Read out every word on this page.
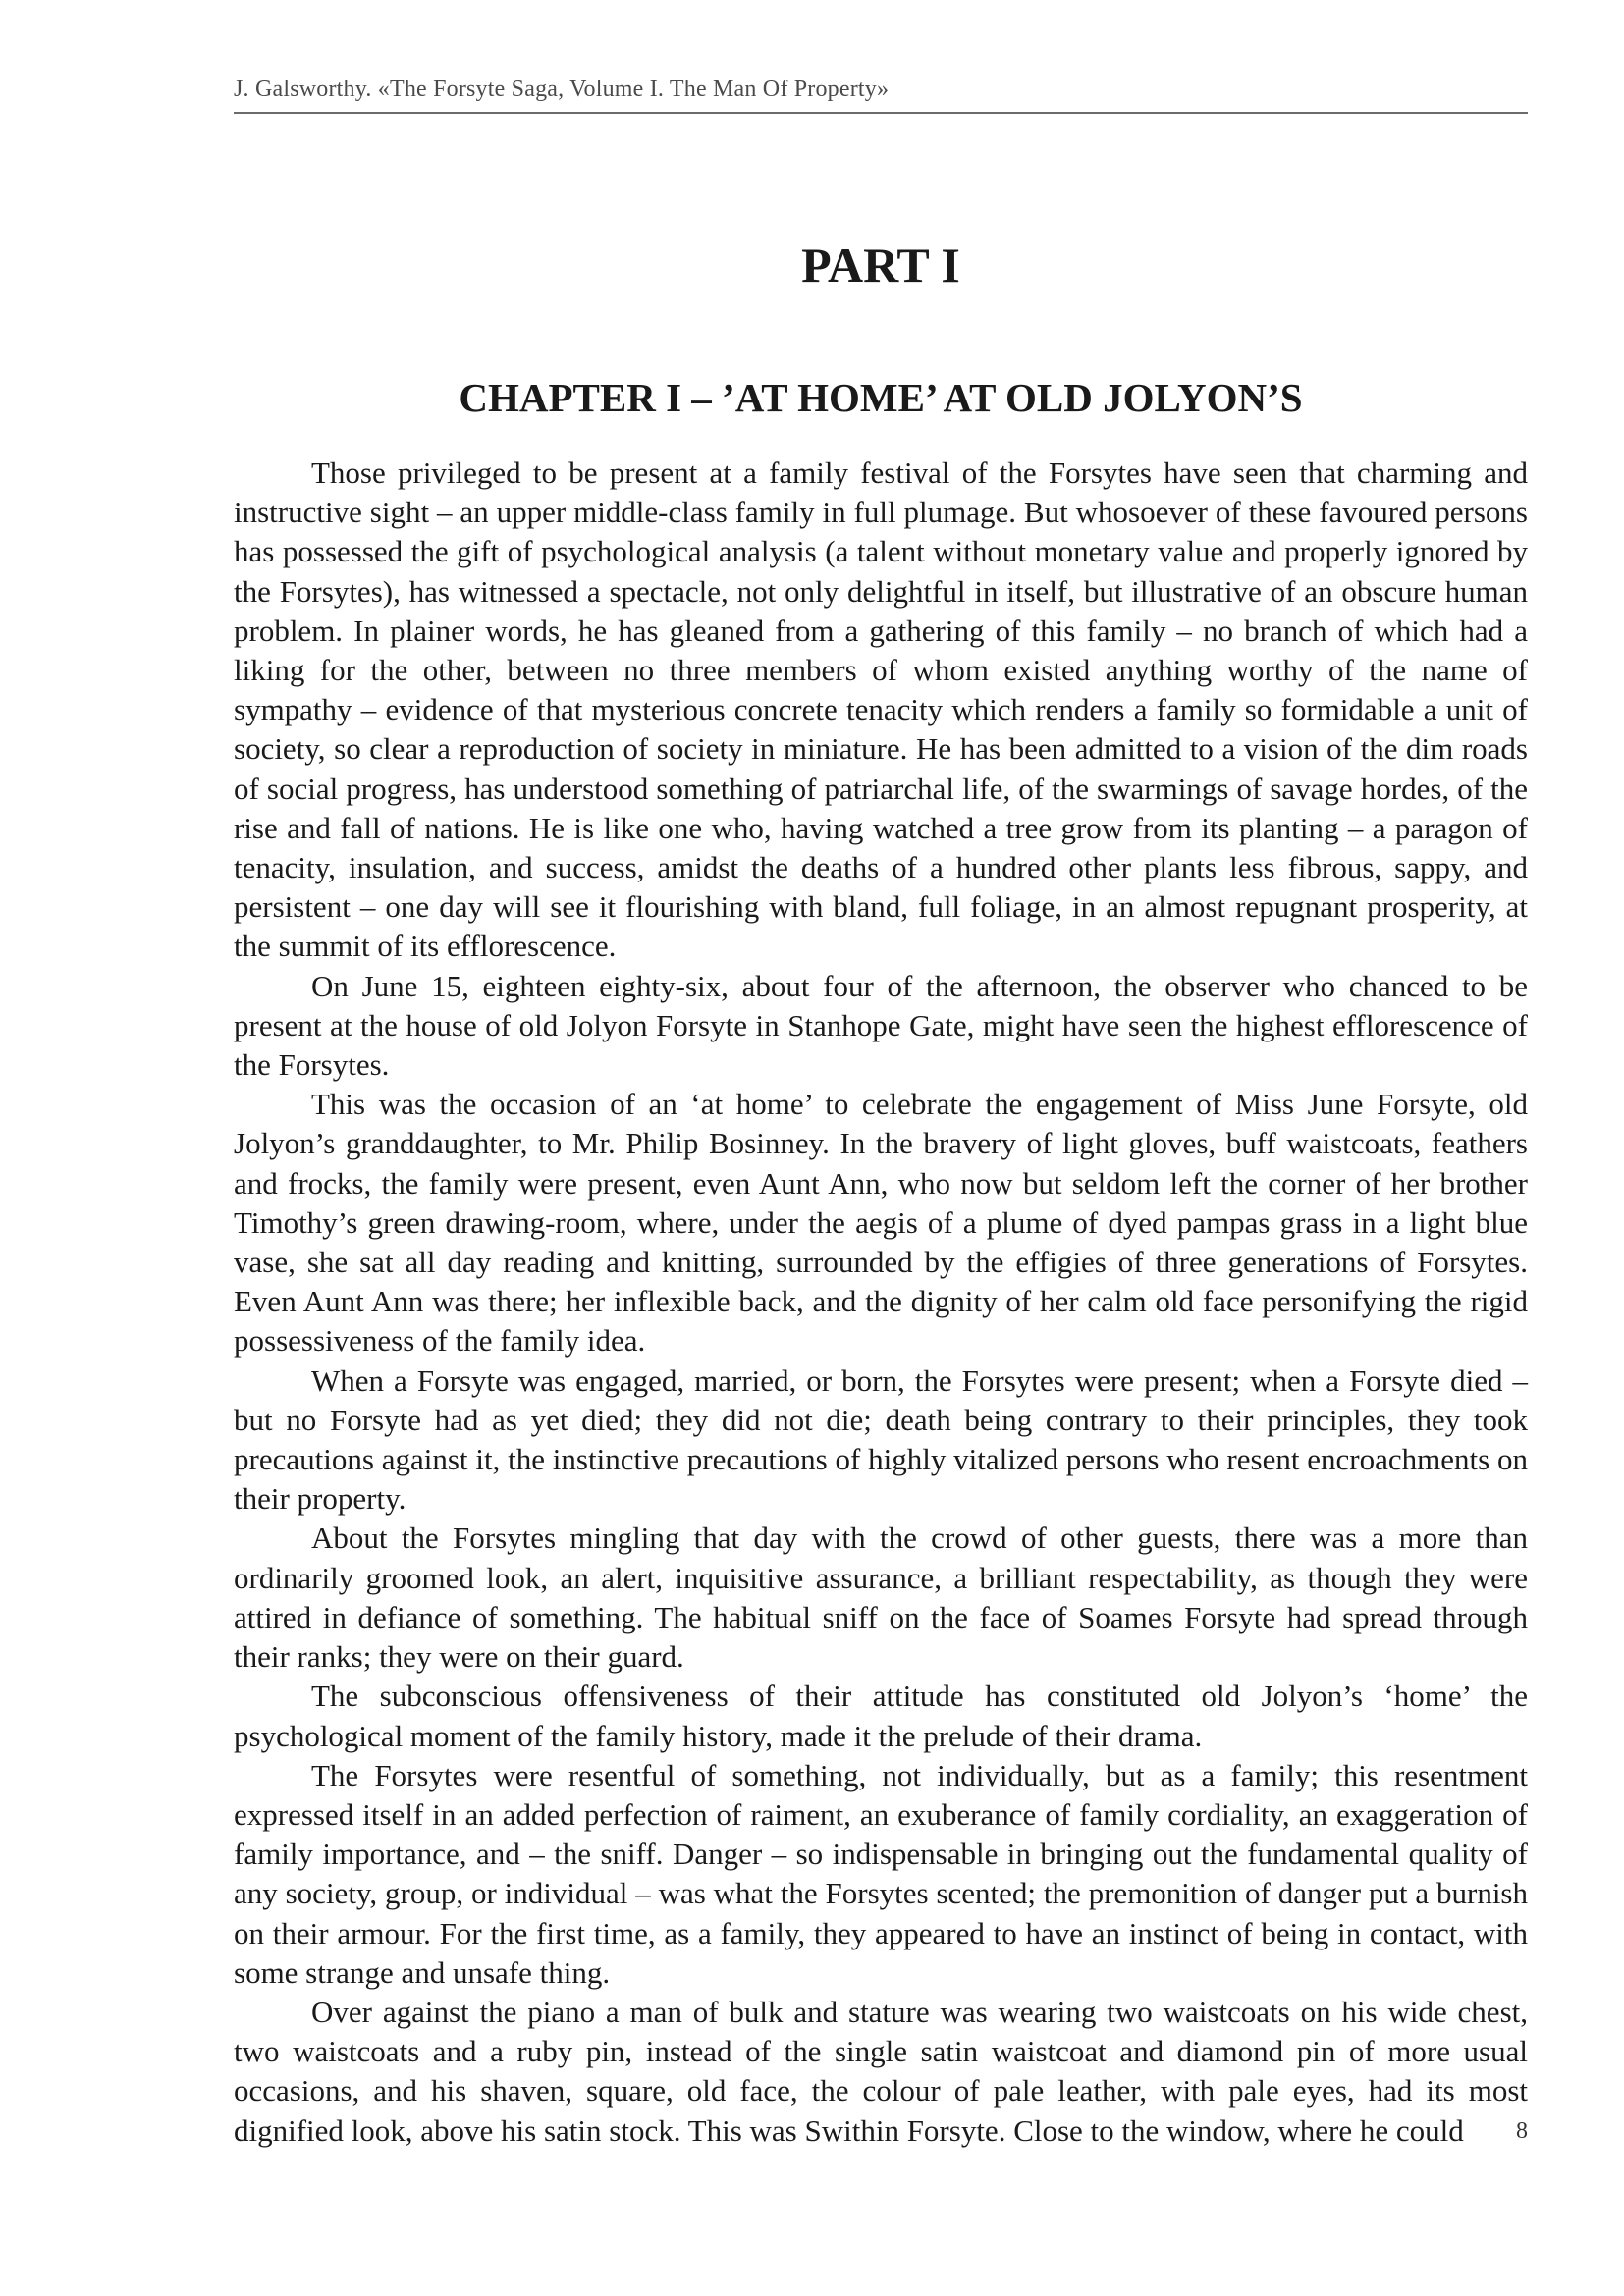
J. Galsworthy. «The Forsyte Saga, Volume I. The Man Of Property»
PART I
CHAPTER I – ’AT HOME’ AT OLD JOLYON’S

Those privileged to be present at a family festival of the Forsytes have seen that charming and instructive sight – an upper middle-class family in full plumage. But whosoever of these favoured persons has possessed the gift of psychological analysis (a talent without monetary value and properly ignored by the Forsytes), has witnessed a spectacle, not only delightful in itself, but illustrative of an obscure human problem. In plainer words, he has gleaned from a gathering of this family – no branch of which had a liking for the other, between no three members of whom existed anything worthy of the name of sympathy – evidence of that mysterious concrete tenacity which renders a family so formidable a unit of society, so clear a reproduction of society in miniature. He has been admitted to a vision of the dim roads of social progress, has understood something of patriarchal life, of the swarmings of savage hordes, of the rise and fall of nations. He is like one who, having watched a tree grow from its planting – a paragon of tenacity, insulation, and success, amidst the deaths of a hundred other plants less fibrous, sappy, and persistent – one day will see it flourishing with bland, full foliage, in an almost repugnant prosperity, at the summit of its efflorescence.

On June 15, eighteen eighty-six, about four of the afternoon, the observer who chanced to be present at the house of old Jolyon Forsyte in Stanhope Gate, might have seen the highest efflorescence of the Forsytes.

This was the occasion of an ‘at home’ to celebrate the engagement of Miss June Forsyte, old Jolyon’s granddaughter, to Mr. Philip Bosinney. In the bravery of light gloves, buff waistcoats, feathers and frocks, the family were present, even Aunt Ann, who now but seldom left the corner of her brother Timothy’s green drawing-room, where, under the aegis of a plume of dyed pampas grass in a light blue vase, she sat all day reading and knitting, surrounded by the effigies of three generations of Forsytes. Even Aunt Ann was there; her inflexible back, and the dignity of her calm old face personifying the rigid possessiveness of the family idea.

When a Forsyte was engaged, married, or born, the Forsytes were present; when a Forsyte died – but no Forsyte had as yet died; they did not die; death being contrary to their principles, they took precautions against it, the instinctive precautions of highly vitalized persons who resent encroachments on their property.

About the Forsytes mingling that day with the crowd of other guests, there was a more than ordinarily groomed look, an alert, inquisitive assurance, a brilliant respectability, as though they were attired in defiance of something. The habitual sniff on the face of Soames Forsyte had spread through their ranks; they were on their guard.

The subconscious offensiveness of their attitude has constituted old Jolyon’s ‘home’ the psychological moment of the family history, made it the prelude of their drama.

The Forsytes were resentful of something, not individually, but as a family; this resentment expressed itself in an added perfection of raiment, an exuberance of family cordiality, an exaggeration of family importance, and – the sniff. Danger – so indispensable in bringing out the fundamental quality of any society, group, or individual – was what the Forsytes scented; the premonition of danger put a burnish on their armour. For the first time, as a family, they appeared to have an instinct of being in contact, with some strange and unsafe thing.

Over against the piano a man of bulk and stature was wearing two waistcoats on his wide chest, two waistcoats and a ruby pin, instead of the single satin waistcoat and diamond pin of more usual occasions, and his shaven, square, old face, the colour of pale leather, with pale eyes, had its most dignified look, above his satin stock. This was Swithin Forsyte. Close to the window, where he could	8
